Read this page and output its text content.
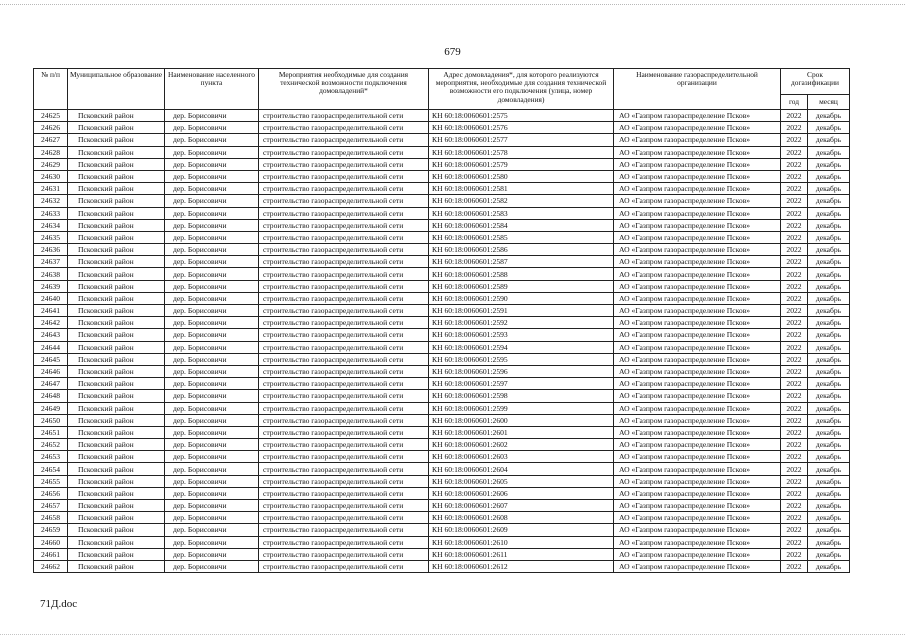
679
№ п/п	Муниципальное образование	Наименование населенного пункта	Мероприятия необходимые для создания технической возможности подключения домовладений*	Адрес домовладения*, для которого реализуются мероприятия, необходимые для создания технической возможности его подключения (улица, номер домовладения)	Наименование газораспределительной организации	Срок догазификации	
						год	месяц
24625	Псковский район	дер. Борисовичи	строительство газораспределительной сети	КН 60:18:0060601:2575	АО «Газпром газораспределение Псков»	2022	декабрь
24626	Псковский район	дер. Борисовичи	строительство газораспределительной сети	КН 60:18:0060601:2576	АО «Газпром газораспределение Псков»	2022	декабрь
24627	Псковский район	дер. Борисовичи	строительство газораспределительной сети	КН 60:18:0060601:2577	АО «Газпром газораспределение Псков»	2022	декабрь
24628	Псковский район	дер. Борисовичи	строительство газораспределительной сети	КН 60:18:0060601:2578	АО «Газпром газораспределение Псков»	2022	декабрь
24629	Псковский район	дер. Борисовичи	строительство газораспределительной сети	КН 60:18:0060601:2579	АО «Газпром газораспределение Псков»	2022	декабрь
24630	Псковский район	дер. Борисовичи	строительство газораспределительной сети	КН 60:18:0060601:2580	АО «Газпром газораспределение Псков»	2022	декабрь
24631	Псковский район	дер. Борисовичи	строительство газораспределительной сети	КН 60:18:0060601:2581	АО «Газпром газораспределение Псков»	2022	декабрь
24632	Псковский район	дер. Борисовичи	строительство газораспределительной сети	КН 60:18:0060601:2582	АО «Газпром газораспределение Псков»	2022	декабрь
24633	Псковский район	дер. Борисовичи	строительство газораспределительной сети	КН 60:18:0060601:2583	АО «Газпром газораспределение Псков»	2022	декабрь
24634	Псковский район	дер. Борисовичи	строительство газораспределительной сети	КН 60:18:0060601:2584	АО «Газпром газораспределение Псков»	2022	декабрь
24635	Псковский район	дер. Борисовичи	строительство газораспределительной сети	КН 60:18:0060601:2585	АО «Газпром газораспределение Псков»	2022	декабрь
24636	Псковский район	дер. Борисовичи	строительство газораспределительной сети	КН 60:18:0060601:2586	АО «Газпром газораспределение Псков»	2022	декабрь
24637	Псковский район	дер. Борисовичи	строительство газораспределительной сети	КН 60:18:0060601:2587	АО «Газпром газораспределение Псков»	2022	декабрь
24638	Псковский район	дер. Борисовичи	строительство газораспределительной сети	КН 60:18:0060601:2588	АО «Газпром газораспределение Псков»	2022	декабрь
24639	Псковский район	дер. Борисовичи	строительство газораспределительной сети	КН 60:18:0060601:2589	АО «Газпром газораспределение Псков»	2022	декабрь
24640	Псковский район	дер. Борисовичи	строительство газораспределительной сети	КН 60:18:0060601:2590	АО «Газпром газораспределение Псков»	2022	декабрь
24641	Псковский район	дер. Борисовичи	строительство газораспределительной сети	КН 60:18:0060601:2591	АО «Газпром газораспределение Псков»	2022	декабрь
24642	Псковский район	дер. Борисовичи	строительство газораспределительной сети	КН 60:18:0060601:2592	АО «Газпром газораспределение Псков»	2022	декабрь
24643	Псковский район	дер. Борисовичи	строительство газораспределительной сети	КН 60:18:0060601:2593	АО «Газпром газораспределение Псков»	2022	декабрь
24644	Псковский район	дер. Борисовичи	строительство газораспределительной сети	КН 60:18:0060601:2594	АО «Газпром газораспределение Псков»	2022	декабрь
24645	Псковский район	дер. Борисовичи	строительство газораспределительной сети	КН 60:18:0060601:2595	АО «Газпром газораспределение Псков»	2022	декабрь
24646	Псковский район	дер. Борисовичи	строительство газораспределительной сети	КН 60:18:0060601:2596	АО «Газпром газораспределение Псков»	2022	декабрь
24647	Псковский район	дер. Борисовичи	строительство газораспределительной сети	КН 60:18:0060601:2597	АО «Газпром газораспределение Псков»	2022	декабрь
24648	Псковский район	дер. Борисовичи	строительство газораспределительной сети	КН 60:18:0060601:2598	АО «Газпром газораспределение Псков»	2022	декабрь
24649	Псковский район	дер. Борисовичи	строительство газораспределительной сети	КН 60:18:0060601:2599	АО «Газпром газораспределение Псков»	2022	декабрь
24650	Псковский район	дер. Борисовичи	строительство газораспределительной сети	КН 60:18:0060601:2600	АО «Газпром газораспределение Псков»	2022	декабрь
24651	Псковский район	дер. Борисовичи	строительство газораспределительной сети	КН 60:18:0060601:2601	АО «Газпром газораспределение Псков»	2022	декабрь
24652	Псковский район	дер. Борисовичи	строительство газораспределительной сети	КН 60:18:0060601:2602	АО «Газпром газораспределение Псков»	2022	декабрь
24653	Псковский район	дер. Борисовичи	строительство газораспределительной сети	КН 60:18:0060601:2603	АО «Газпром газораспределение Псков»	2022	декабрь
24654	Псковский район	дер. Борисовичи	строительство газораспределительной сети	КН 60:18:0060601:2604	АО «Газпром газораспределение Псков»	2022	декабрь
24655	Псковский район	дер. Борисовичи	строительство газораспределительной сети	КН 60:18:0060601:2605	АО «Газпром газораспределение Псков»	2022	декабрь
24656	Псковский район	дер. Борисовичи	строительство газораспределительной сети	КН 60:18:0060601:2606	АО «Газпром газораспределение Псков»	2022	декабрь
24657	Псковский район	дер. Борисовичи	строительство газораспределительной сети	КН 60:18:0060601:2607	АО «Газпром газораспределение Псков»	2022	декабрь
24658	Псковский район	дер. Борисовичи	строительство газораспределительной сети	КН 60:18:0060601:2608	АО «Газпром газораспределение Псков»	2022	декабрь
24659	Псковский район	дер. Борисовичи	строительство газораспределительной сети	КН 60:18:0060601:2609	АО «Газпром газораспределение Псков»	2022	декабрь
24660	Псковский район	дер. Борисовичи	строительство газораспределительной сети	КН 60:18:0060601:2610	АО «Газпром газораспределение Псков»	2022	декабрь
24661	Псковский район	дер. Борисовичи	строительство газораспределительной сети	КН 60:18:0060601:2611	АО «Газпром газораспределение Псков»	2022	декабрь
24662	Псковский район	дер. Борисовичи	строительство газораспределительной сети	КН 60:18:0060601:2612	АО «Газпром газораспределение Псков»	2022	декабрь
71Д.doc
